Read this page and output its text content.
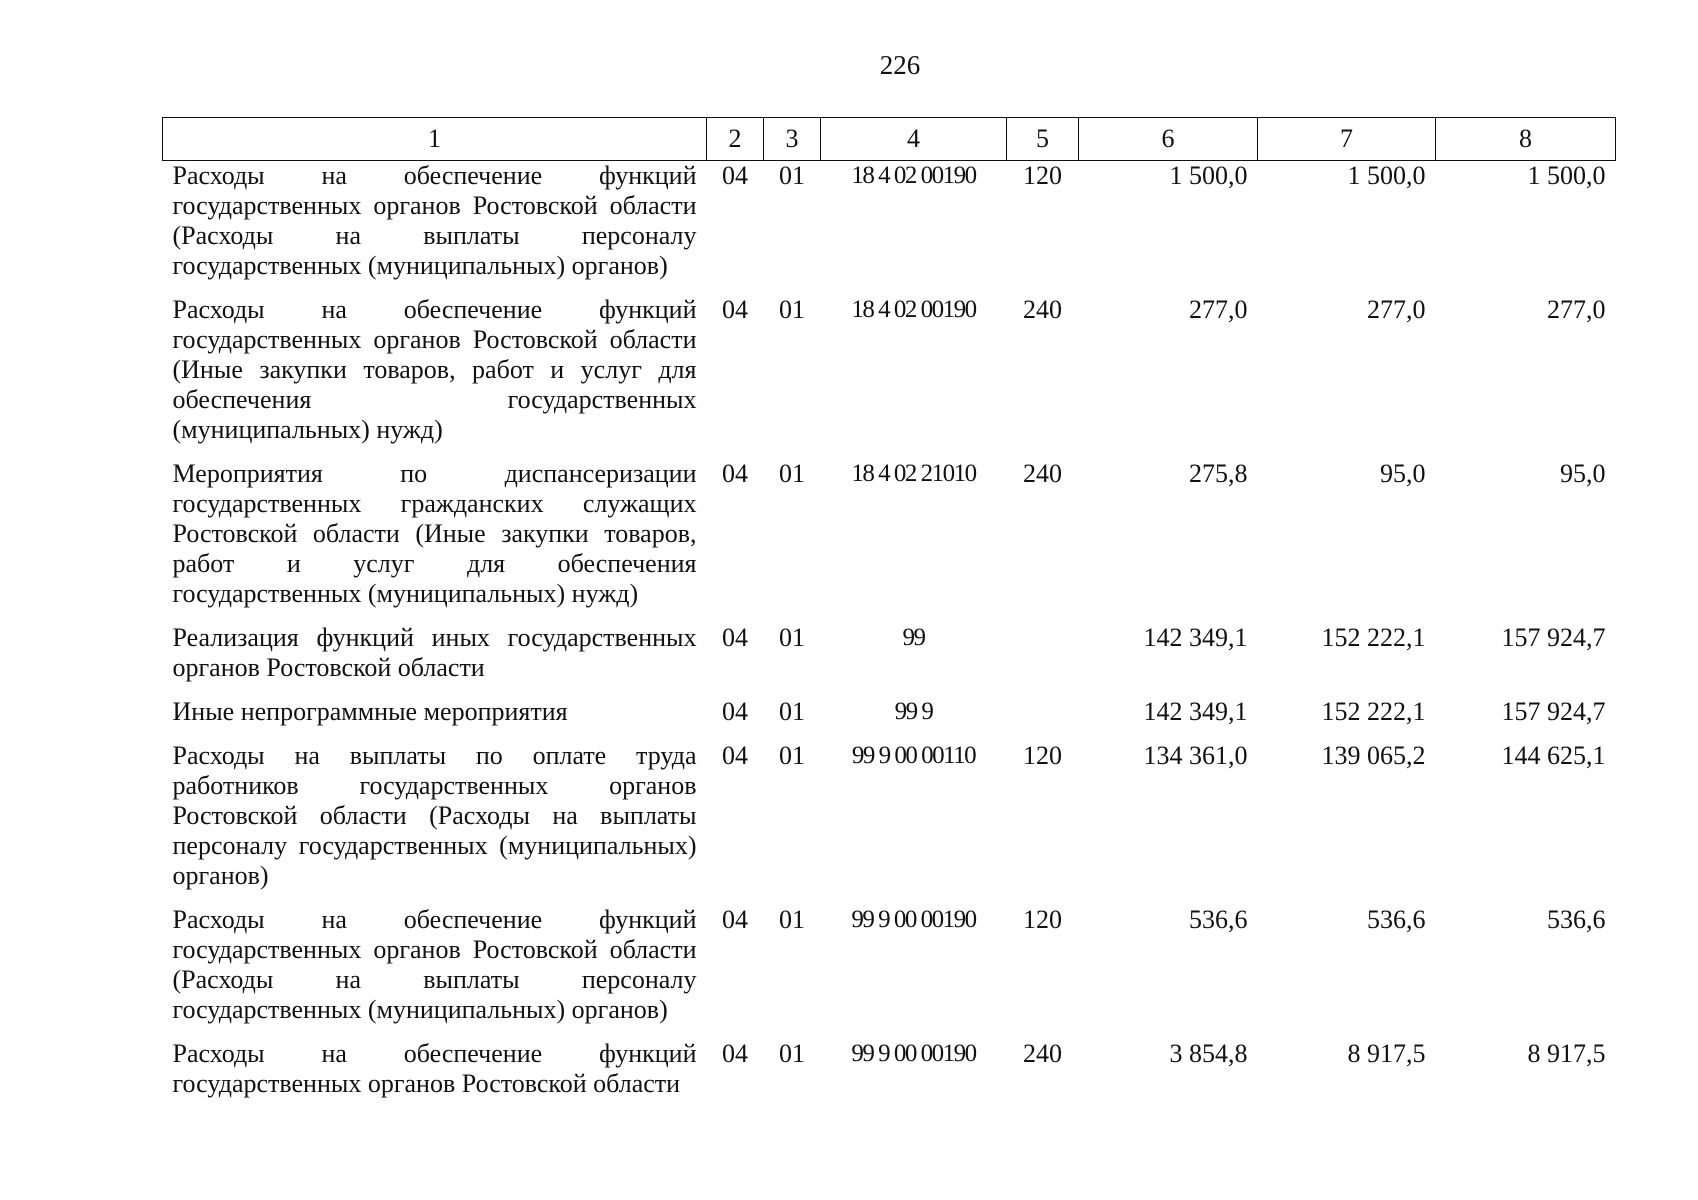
226
1	2	3	4	5	6	7	8
Расходы на обеспечение функций государственных органов Ростовской области (Расходы на выплаты персоналу государственных (муниципальных) органов)	04	01	18 4 02 00190	120	1 500,0	1 500,0	1 500,0
Расходы на обеспечение функций государственных органов Ростовской области (Иные закупки товаров, работ и услуг для обеспечения государственных (муниципальных) нужд)	04	01	18 4 02 00190	240	277,0	277,0	277,0
Мероприятия по диспансеризации государственных гражданских служащих Ростовской области (Иные закупки товаров, работ и услуг для обеспечения государственных (муниципальных) нужд)	04	01	18 4 02 21010	240	275,8	95,0	95,0
Реализация функций иных государственных органов Ростовской области	04	01	99		142 349,1	152 222,1	157 924,7
Иные непрограммные мероприятия	04	01	99 9		142 349,1	152 222,1	157 924,7
Расходы на выплаты по оплате труда работников государственных органов Ростовской области (Расходы на выплаты персоналу государственных (муниципальных) органов)	04	01	99 9 00 00110	120	134 361,0	139 065,2	144 625,1
Расходы на обеспечение функций государственных органов Ростовской области (Расходы на выплаты персоналу государственных (муниципальных) органов)	04	01	99 9 00 00190	120	536,6	536,6	536,6
Расходы на обеспечение функций государственных органов Ростовской области	04	01	99 9 00 00190	240	3 854,8	8 917,5	8 917,5
